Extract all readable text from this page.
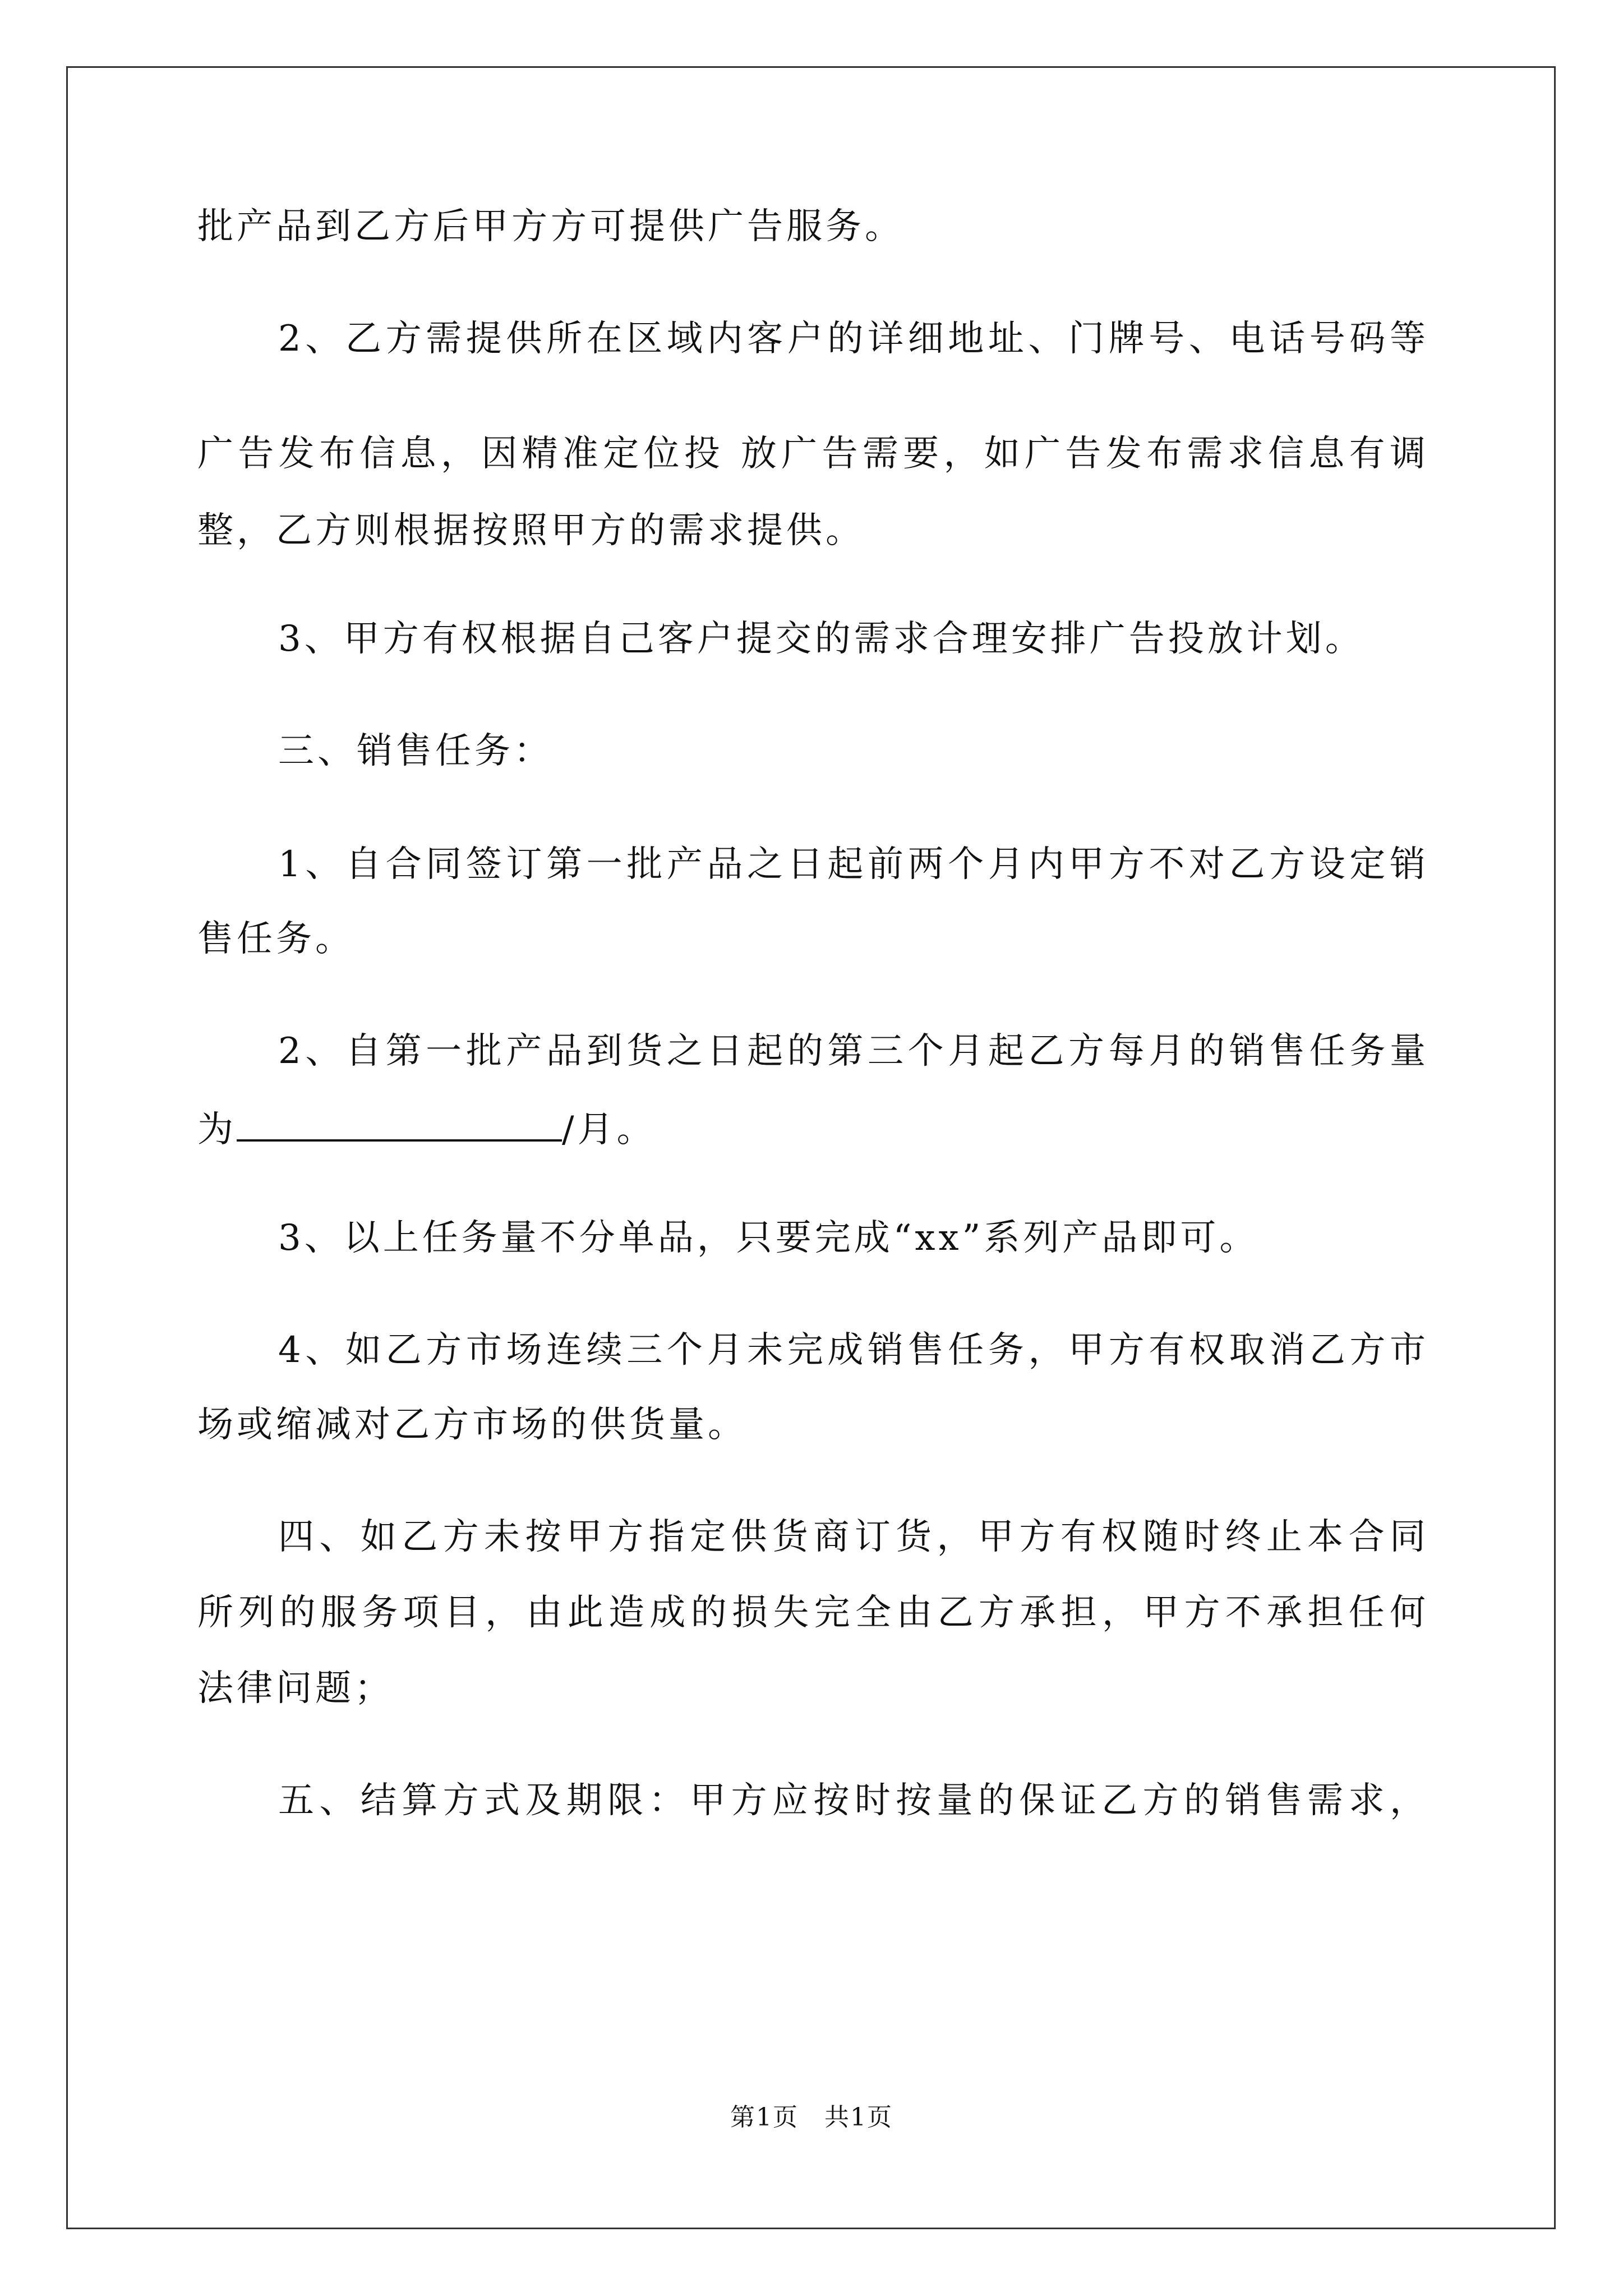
批产品到乙方后甲方方可提供广告服务。
2、乙方需提供所在区域内客户的详细地址、门牌号、电话号码等
广告发布信息，因精准定位投 放广告需要，如广告发布需求信息有调
整，乙方则根据按照甲方的需求提供。
3、甲方有权根据自己客户提交的需求合理安排广告投放计划。
三、销售任务：
1、自合同签订第一批产品之日起前两个月内甲方不对乙方设定销
售任务。
2、自第一批产品到货之日起的第三个月起乙方每月的销售任务量
为	/月。
3、以上任务量不分单品，只要完成“xx”系列产品即可。
4、如乙方市场连续三个月未完成销售任务，甲方有权取消乙方市
场或缩减对乙方市场的供货量。
四、如乙方未按甲方指定供货商订货，甲方有权随时终止本合同
所列的服务项目，由此造成的损失完全由乙方承担，甲方不承担任何
法律问题；
五、结算方式及期限：甲方应按时按量的保证乙方的销售需求，
第1页　共1页
